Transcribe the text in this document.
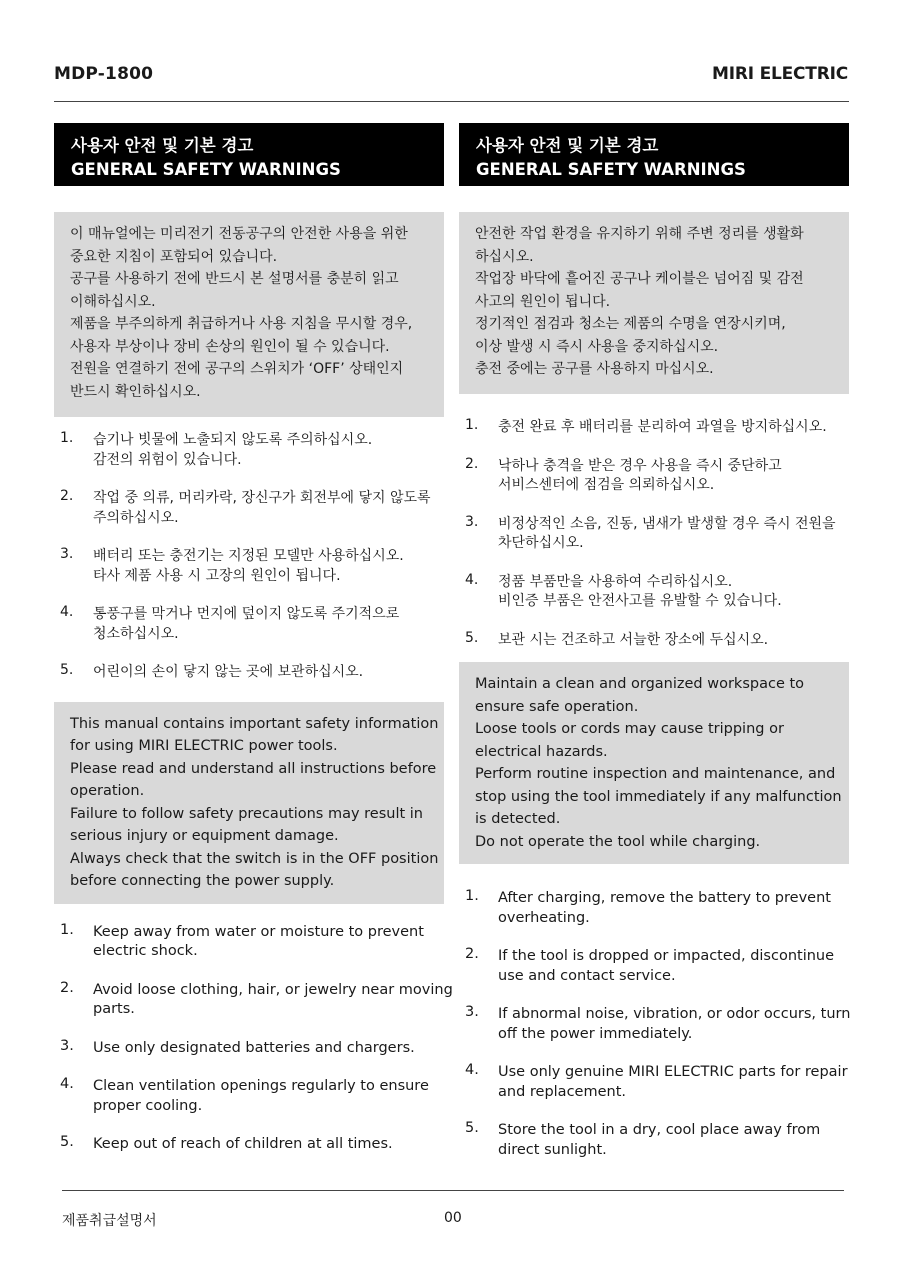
MDP-1800	MIRI ELECTRIC
사용자 안전 및 기본 경고
GENERAL SAFETY WARNINGS
이 매뉴얼에는 미리전기 전동공구의 안전한 사용을 위한
중요한 지침이 포함되어 있습니다.
공구를 사용하기 전에 반드시 본 설명서를 충분히 읽고
이해하십시오.
제품을 부주의하게 취급하거나 사용 지침을 무시할 경우,
사용자 부상이나 장비 손상의 원인이 될 수 있습니다.
전원을 연결하기 전에 공구의 스위치가 ‘OFF’ 상태인지
반드시 확인하십시오.
1. 습기나 빗물에 노출되지 않도록 주의하십시오.
감전의 위험이 있습니다.
2. 작업 중 의류, 머리카락, 장신구가 회전부에 닿지 않도록
주의하십시오.
3. 배터리 또는 충전기는 지정된 모델만 사용하십시오.
타사 제품 사용 시 고장의 원인이 됩니다.
4. 통풍구를 막거나 먼지에 덮이지 않도록 주기적으로
청소하십시오.
5. 어린이의 손이 닿지 않는 곳에 보관하십시오.
This manual contains important safety information
for using MIRI ELECTRIC power tools.
Please read and understand all instructions before
operation.
Failure to follow safety precautions may result in
serious injury or equipment damage.
Always check that the switch is in the OFF position
before connecting the power supply.
1. Keep away from water or moisture to prevent
electric shock.
2. Avoid loose clothing, hair, or jewelry near moving
parts.
3. Use only designated batteries and chargers.
4. Clean ventilation openings regularly to ensure
proper cooling.
5. Keep out of reach of children at all times.
사용자 안전 및 기본 경고
GENERAL SAFETY WARNINGS
안전한 작업 환경을 유지하기 위해 주변 정리를 생활화
하십시오.
작업장 바닥에 흩어진 공구나 케이블은 넘어짐 및 감전
사고의 원인이 됩니다.
정기적인 점검과 청소는 제품의 수명을 연장시키며,
이상 발생 시 즉시 사용을 중지하십시오.
충전 중에는 공구를 사용하지 마십시오.
1. 충전 완료 후 배터리를 분리하여 과열을 방지하십시오.
2. 낙하나 충격을 받은 경우 사용을 즉시 중단하고
서비스센터에 점검을 의뢰하십시오.
3. 비정상적인 소음, 진동, 냄새가 발생할 경우 즉시 전원을
차단하십시오.
4. 정품 부품만을 사용하여 수리하십시오.
비인증 부품은 안전사고를 유발할 수 있습니다.
5. 보관 시는 건조하고 서늘한 장소에 두십시오.
Maintain a clean and organized workspace to
ensure safe operation.
Loose tools or cords may cause tripping or
electrical hazards.
Perform routine inspection and maintenance, and
stop using the tool immediately if any malfunction
is detected.
Do not operate the tool while charging.
1. After charging, remove the battery to prevent
overheating.
2. If the tool is dropped or impacted, discontinue
use and contact service.
3. If abnormal noise, vibration, or odor occurs, turn
off the power immediately.
4. Use only genuine MIRI ELECTRIC parts for repair
and replacement.
5. Store the tool in a dry, cool place away from
direct sunlight.
제품취급설명서	00
